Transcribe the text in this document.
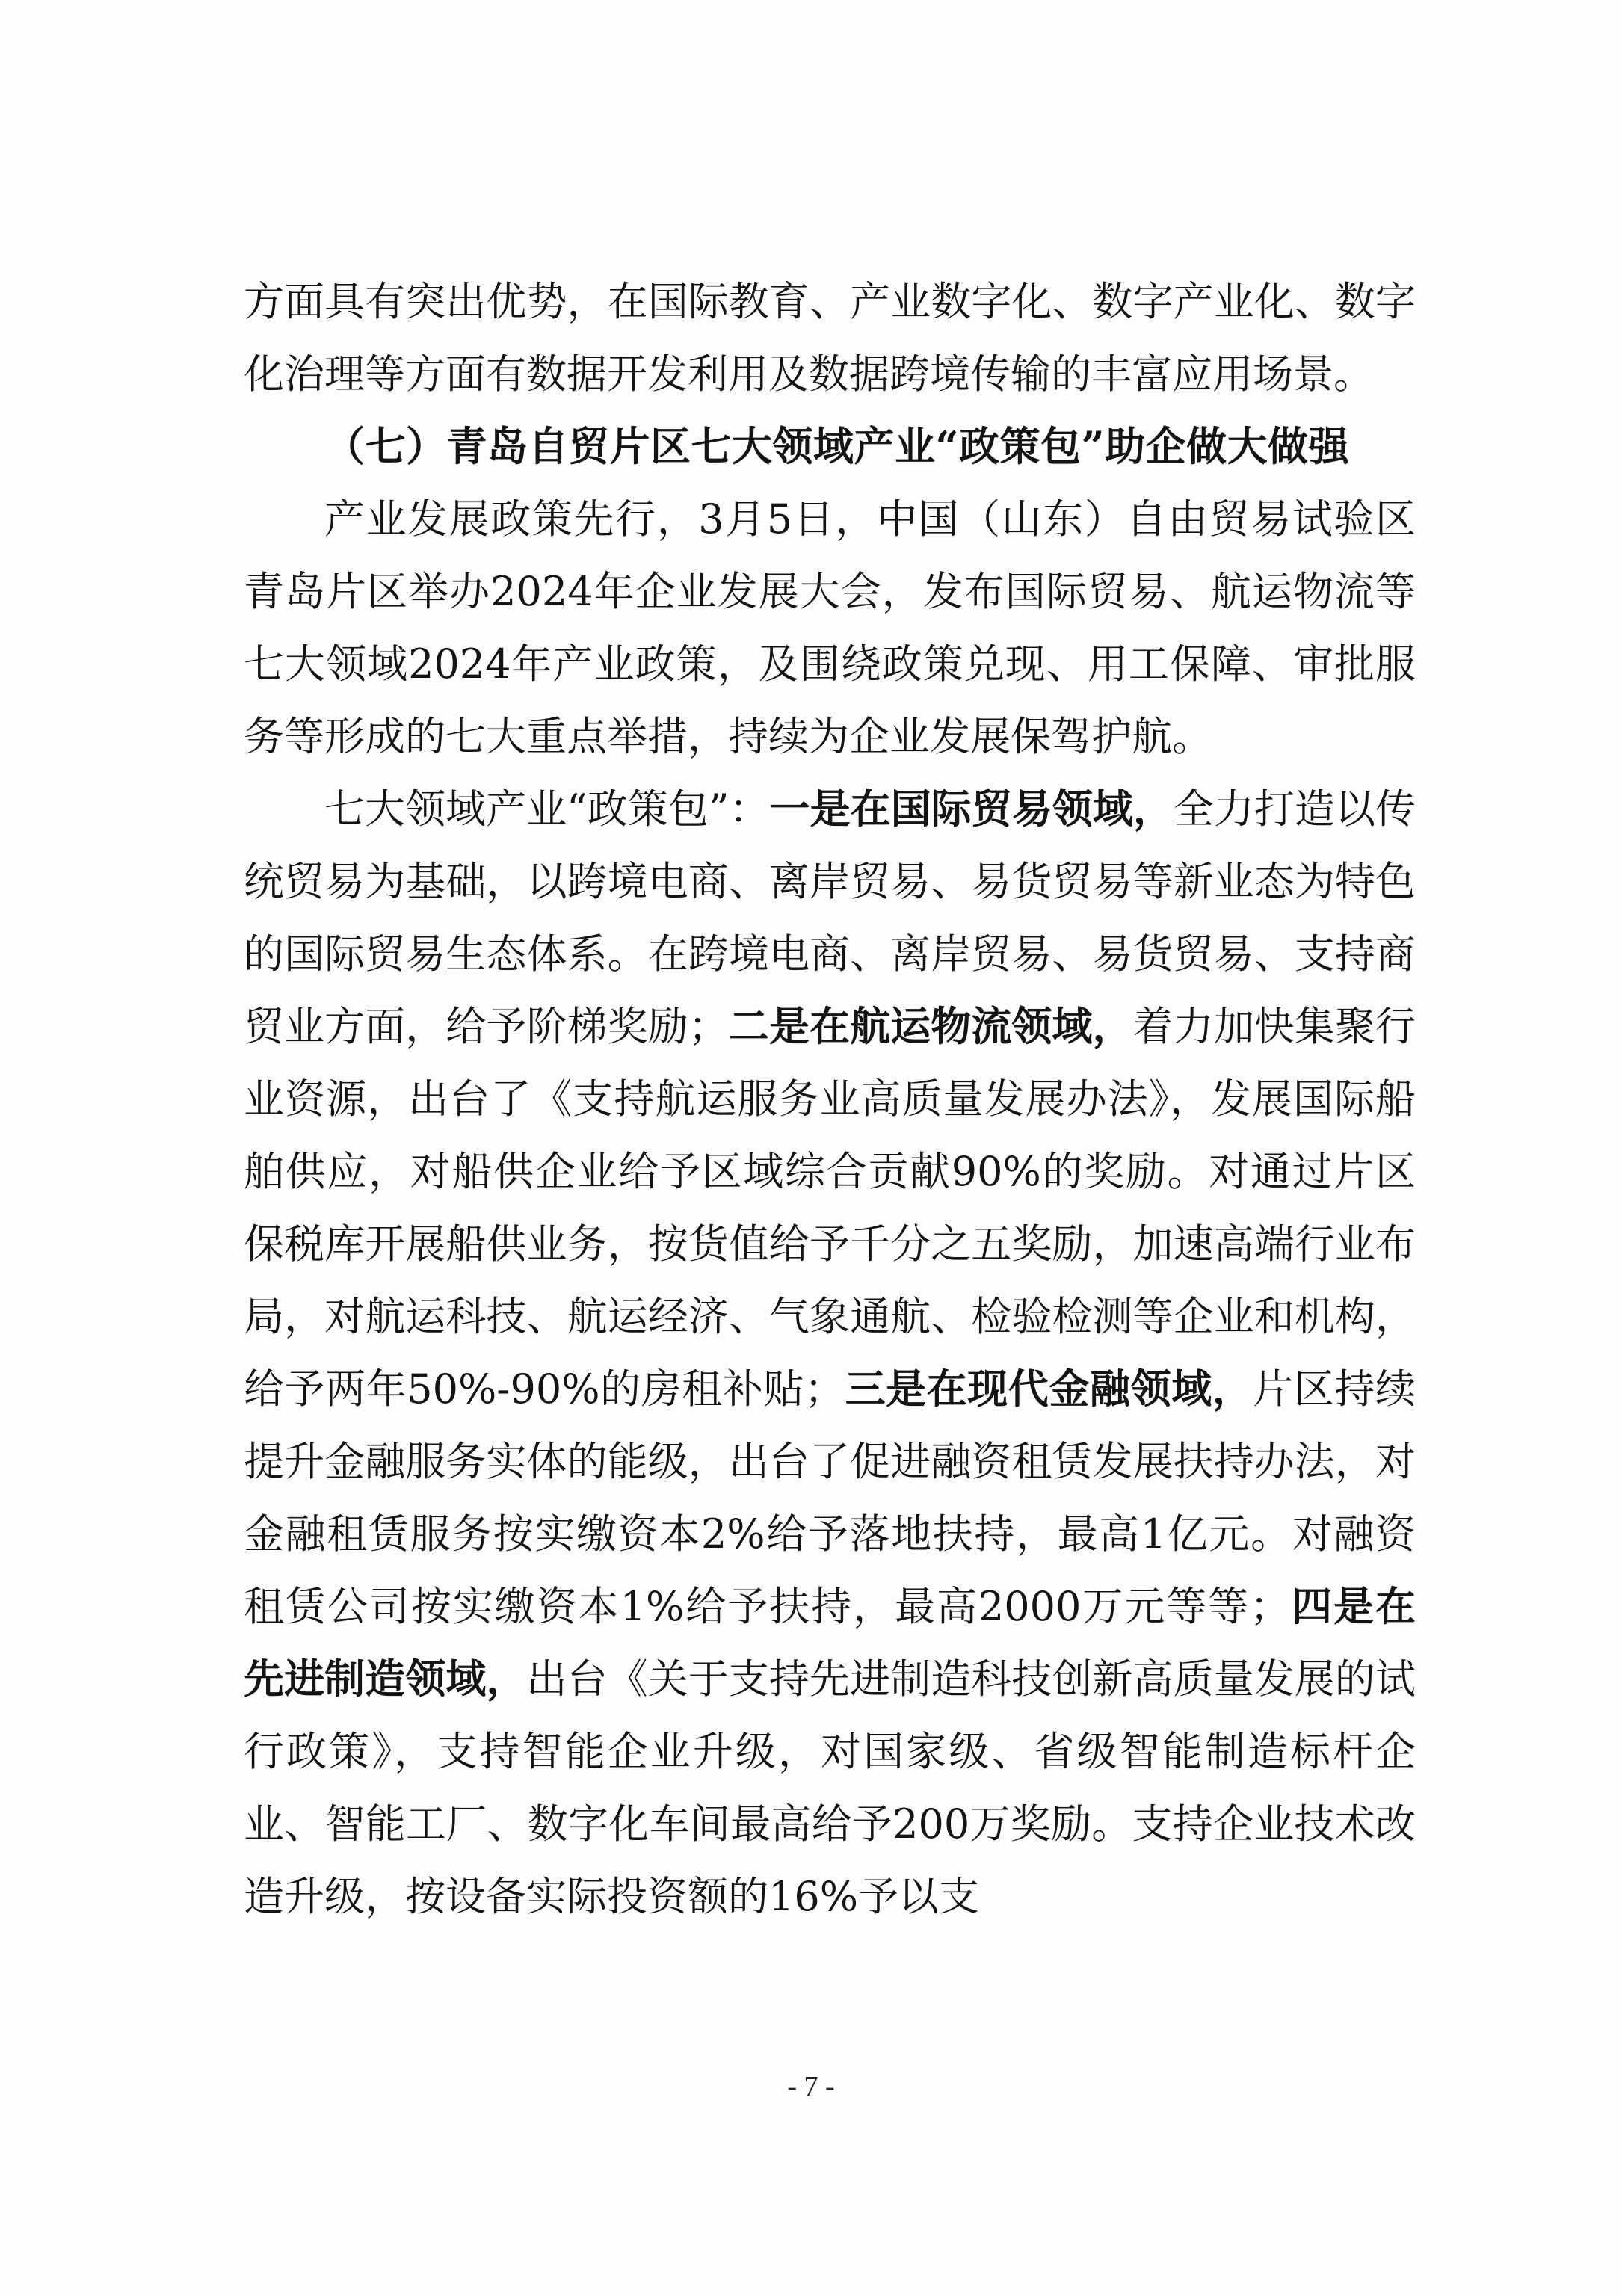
方面具有突出优势，在国际教育、产业数字化、数字产业化、数字化治理等方面有数据开发利用及数据跨境传输的丰富应用场景。

（七）青岛自贸片区七大领域产业“政策包”助企做大做强

产业发展政策先行，3月5日，中国（山东）自由贸易试验区青岛片区举办2024年企业发展大会，发布国际贸易、航运物流等七大领域2024年产业政策，及围绕政策兑现、用工保障、审批服务等形成的七大重点举措，持续为企业发展保驾护航。

七大领域产业“政策包”：一是在国际贸易领域，全力打造以传统贸易为基础，以跨境电商、离岸贸易、易货贸易等新业态为特色的国际贸易生态体系。在跨境电商、离岸贸易、易货贸易、支持商贸业方面，给予阶梯奖励；二是在航运物流领域，着力加快集聚行业资源，出台了《支持航运服务业高质量发展办法》，发展国际船舶供应，对船供企业给予区域综合贡献90%的奖励。对通过片区保税库开展船供业务，按货值给予千分之五奖励，加速高端行业布局，对航运科技、航运经济、气象通航、检验检测等企业和机构，给予两年50%-90%的房租补贴；三是在现代金融领域，片区持续提升金融服务实体的能级，出台了促进融资租赁发展扶持办法，对金融租赁服务按实缴资本2%给予落地扶持，最高1亿元。对融资租赁公司按实缴资本1%给予扶持，最高2000万元等等；四是在先进制造领域，出台《关于支持先进制造科技创新高质量发展的试行政策》，支持智能企业升级，对国家级、省级智能制造标杆企业、智能工厂、数字化车间最高给予200万奖励。支持企业技术改造升级，按设备实际投资额的16%予以支

- 7 -
